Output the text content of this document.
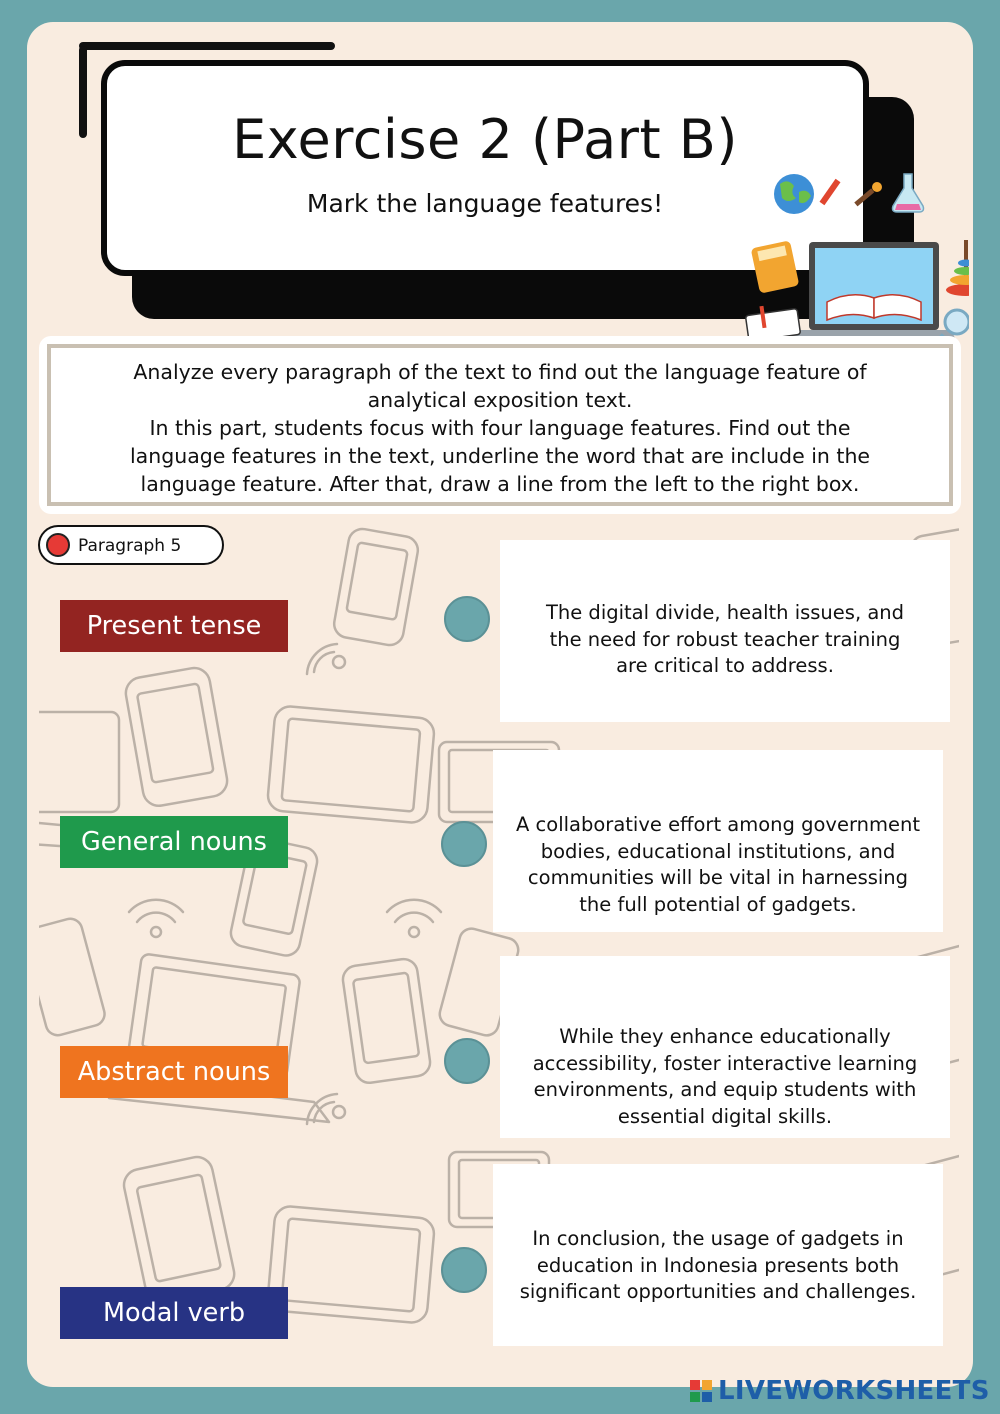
Exercise 2 (Part B)
Mark the language features!
Analyze every paragraph of the text to find out the language feature of
analytical exposition text.
In this part, students focus with four language features. Find out the
language features in the text, underline the word that are include in the
language feature. After that, draw a line from the left to the right box.
Paragraph 5
Present tense
General nouns
Abstract nouns
Modal verb
The digital divide, health issues, and
the need for robust teacher training
are critical to address.
A collaborative effort among government
bodies, educational institutions, and
communities will be vital in harnessing
the full potential of gadgets.
While they enhance educationally
accessibility, foster interactive learning
environments, and equip students with
essential digital skills.
In conclusion, the usage of gadgets in
education in Indonesia presents both
significant opportunities and challenges.
LIVEWORKSHEETS
